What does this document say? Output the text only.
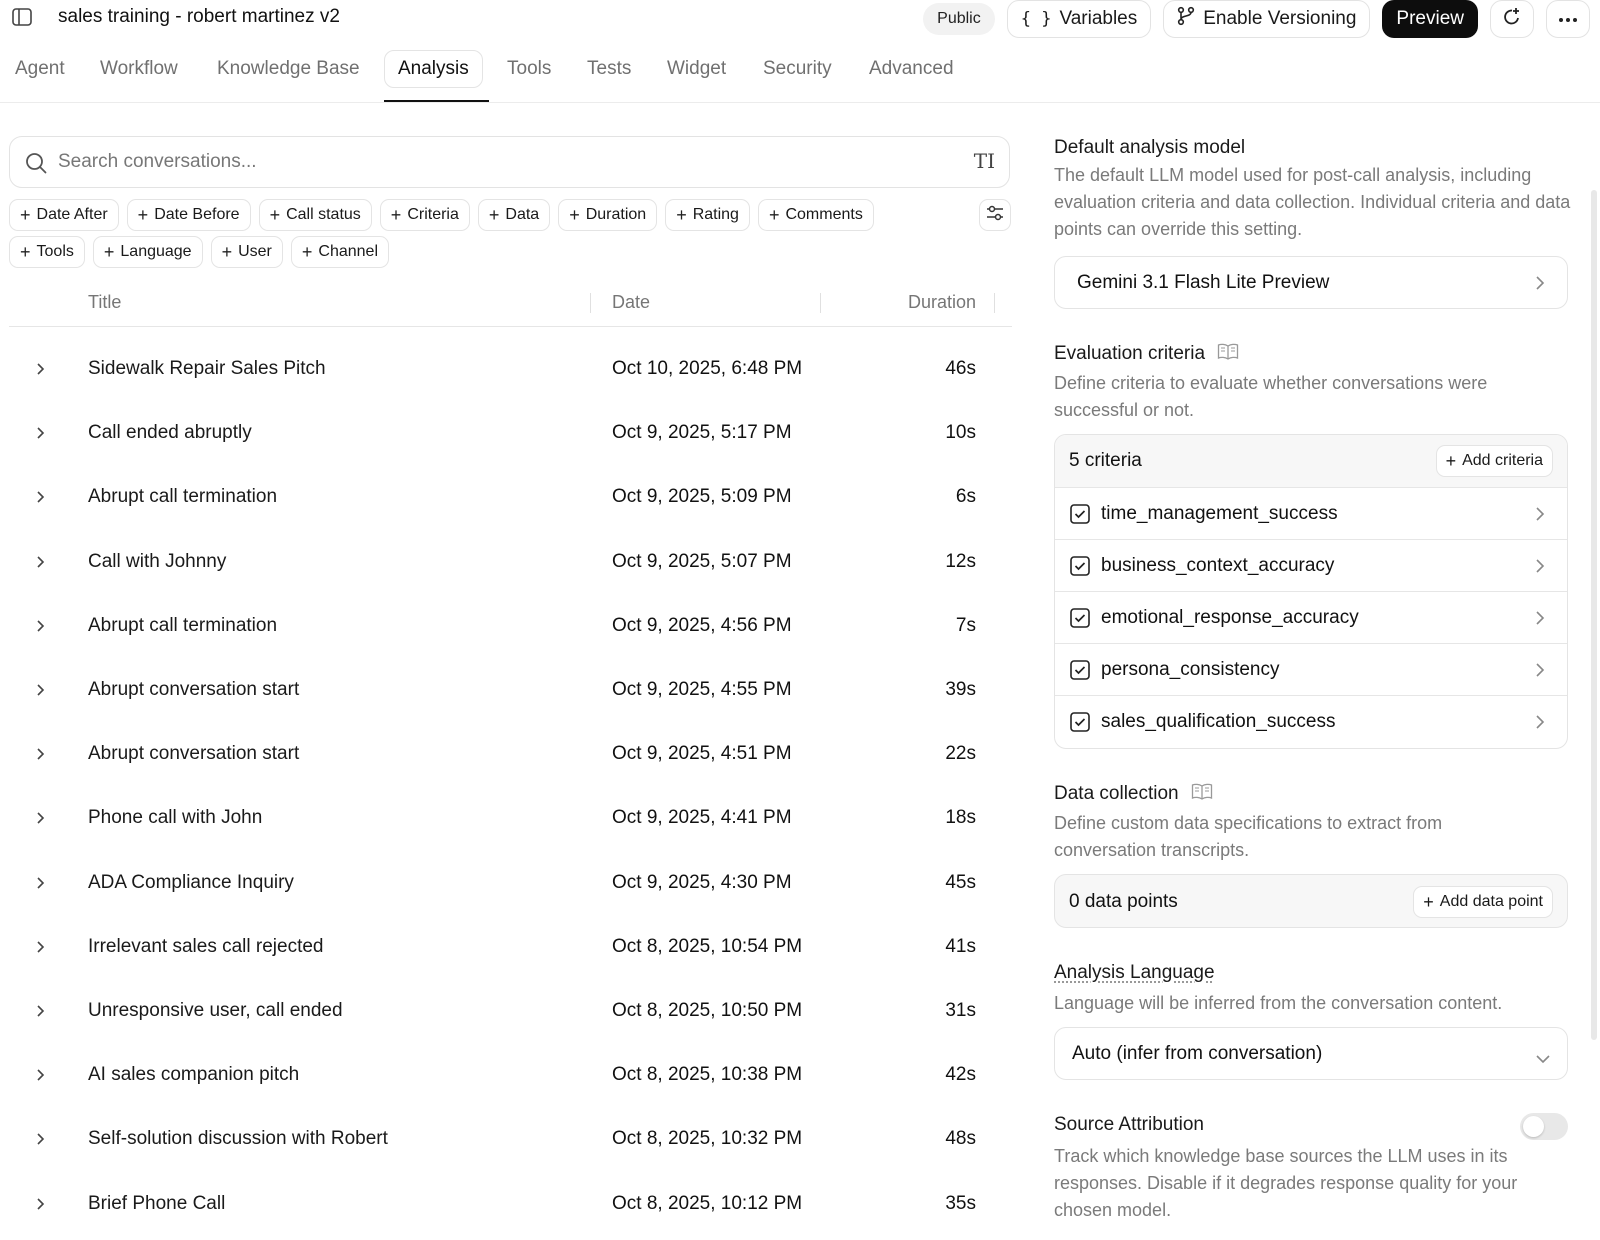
sales training - robert martinez v2	Public	{ } Variables	Enable Versioning	Preview
Agent Workflow Knowledge Base	Analysis	Tools Tests Widget Security Advanced
Search conversations...
TI
+ Date After + Date Before + Call status + Criteria + Data + Duration + Rating + Comments
+ Tools + Language + User + Channel
Title	Date	Duration
Sidewalk Repair Sales Pitch	Oct 10, 2025, 6:48 PM	46s
Call ended abruptly	Oct 9, 2025, 5:17 PM	10s
Abrupt call termination	Oct 9, 2025, 5:09 PM	6s
Call with Johnny	Oct 9, 2025, 5:07 PM	12s
Abrupt call termination	Oct 9, 2025, 4:56 PM	7s
Abrupt conversation start	Oct 9, 2025, 4:55 PM	39s
Abrupt conversation start	Oct 9, 2025, 4:51 PM	22s
Phone call with John	Oct 9, 2025, 4:41 PM	18s
ADA Compliance Inquiry	Oct 9, 2025, 4:30 PM	45s
Irrelevant sales call rejected	Oct 8, 2025, 10:54 PM	41s
Unresponsive user, call ended	Oct 8, 2025, 10:50 PM	31s
AI sales companion pitch	Oct 8, 2025, 10:38 PM	42s
Self-solution discussion with Robert	Oct 8, 2025, 10:32 PM	48s
Brief Phone Call	Oct 8, 2025, 10:12 PM	35s
Default analysis model
The default LLM model used for post-call analysis, including evaluation criteria and data collection. Individual criteria and data points can override this setting.
Gemini 3.1 Flash Lite Preview
Evaluation criteria
Define criteria to evaluate whether conversations were successful or not.
5 criteria	+ Add criteria
time_management_success
business_context_accuracy
emotional_response_accuracy
persona_consistency
sales_qualification_success
Data collection
Define custom data specifications to extract from conversation transcripts.
0 data points	+ Add data point
Analysis Language
Language will be inferred from the conversation content.
Auto (infer from conversation)
Source Attribution
Track which knowledge base sources the LLM uses in its responses. Disable if it degrades response quality for your chosen model.
